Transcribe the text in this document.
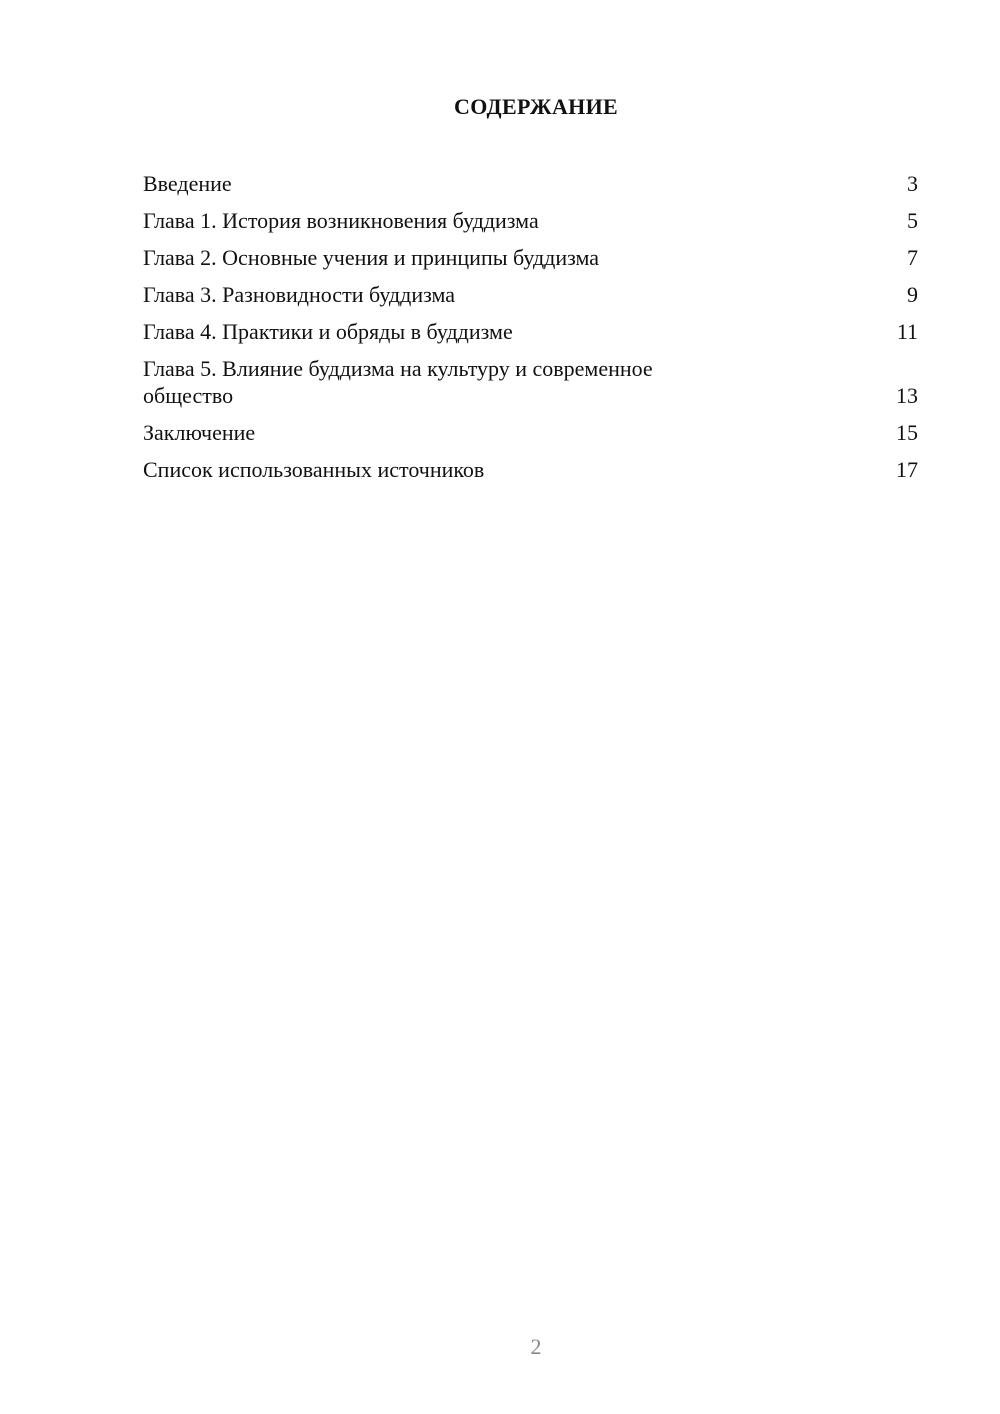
СОДЕРЖАНИЕ
Введение	3
Глава 1. История возникновения буддизма	5
Глава 2. Основные учения и принципы буддизма	7
Глава 3. Разновидности буддизма	9
Глава 4. Практики и обряды в буддизме	11
Глава 5. Влияние буддизма на культуру и современное общество	13
Заключение	15
Список использованных источников	17
2
